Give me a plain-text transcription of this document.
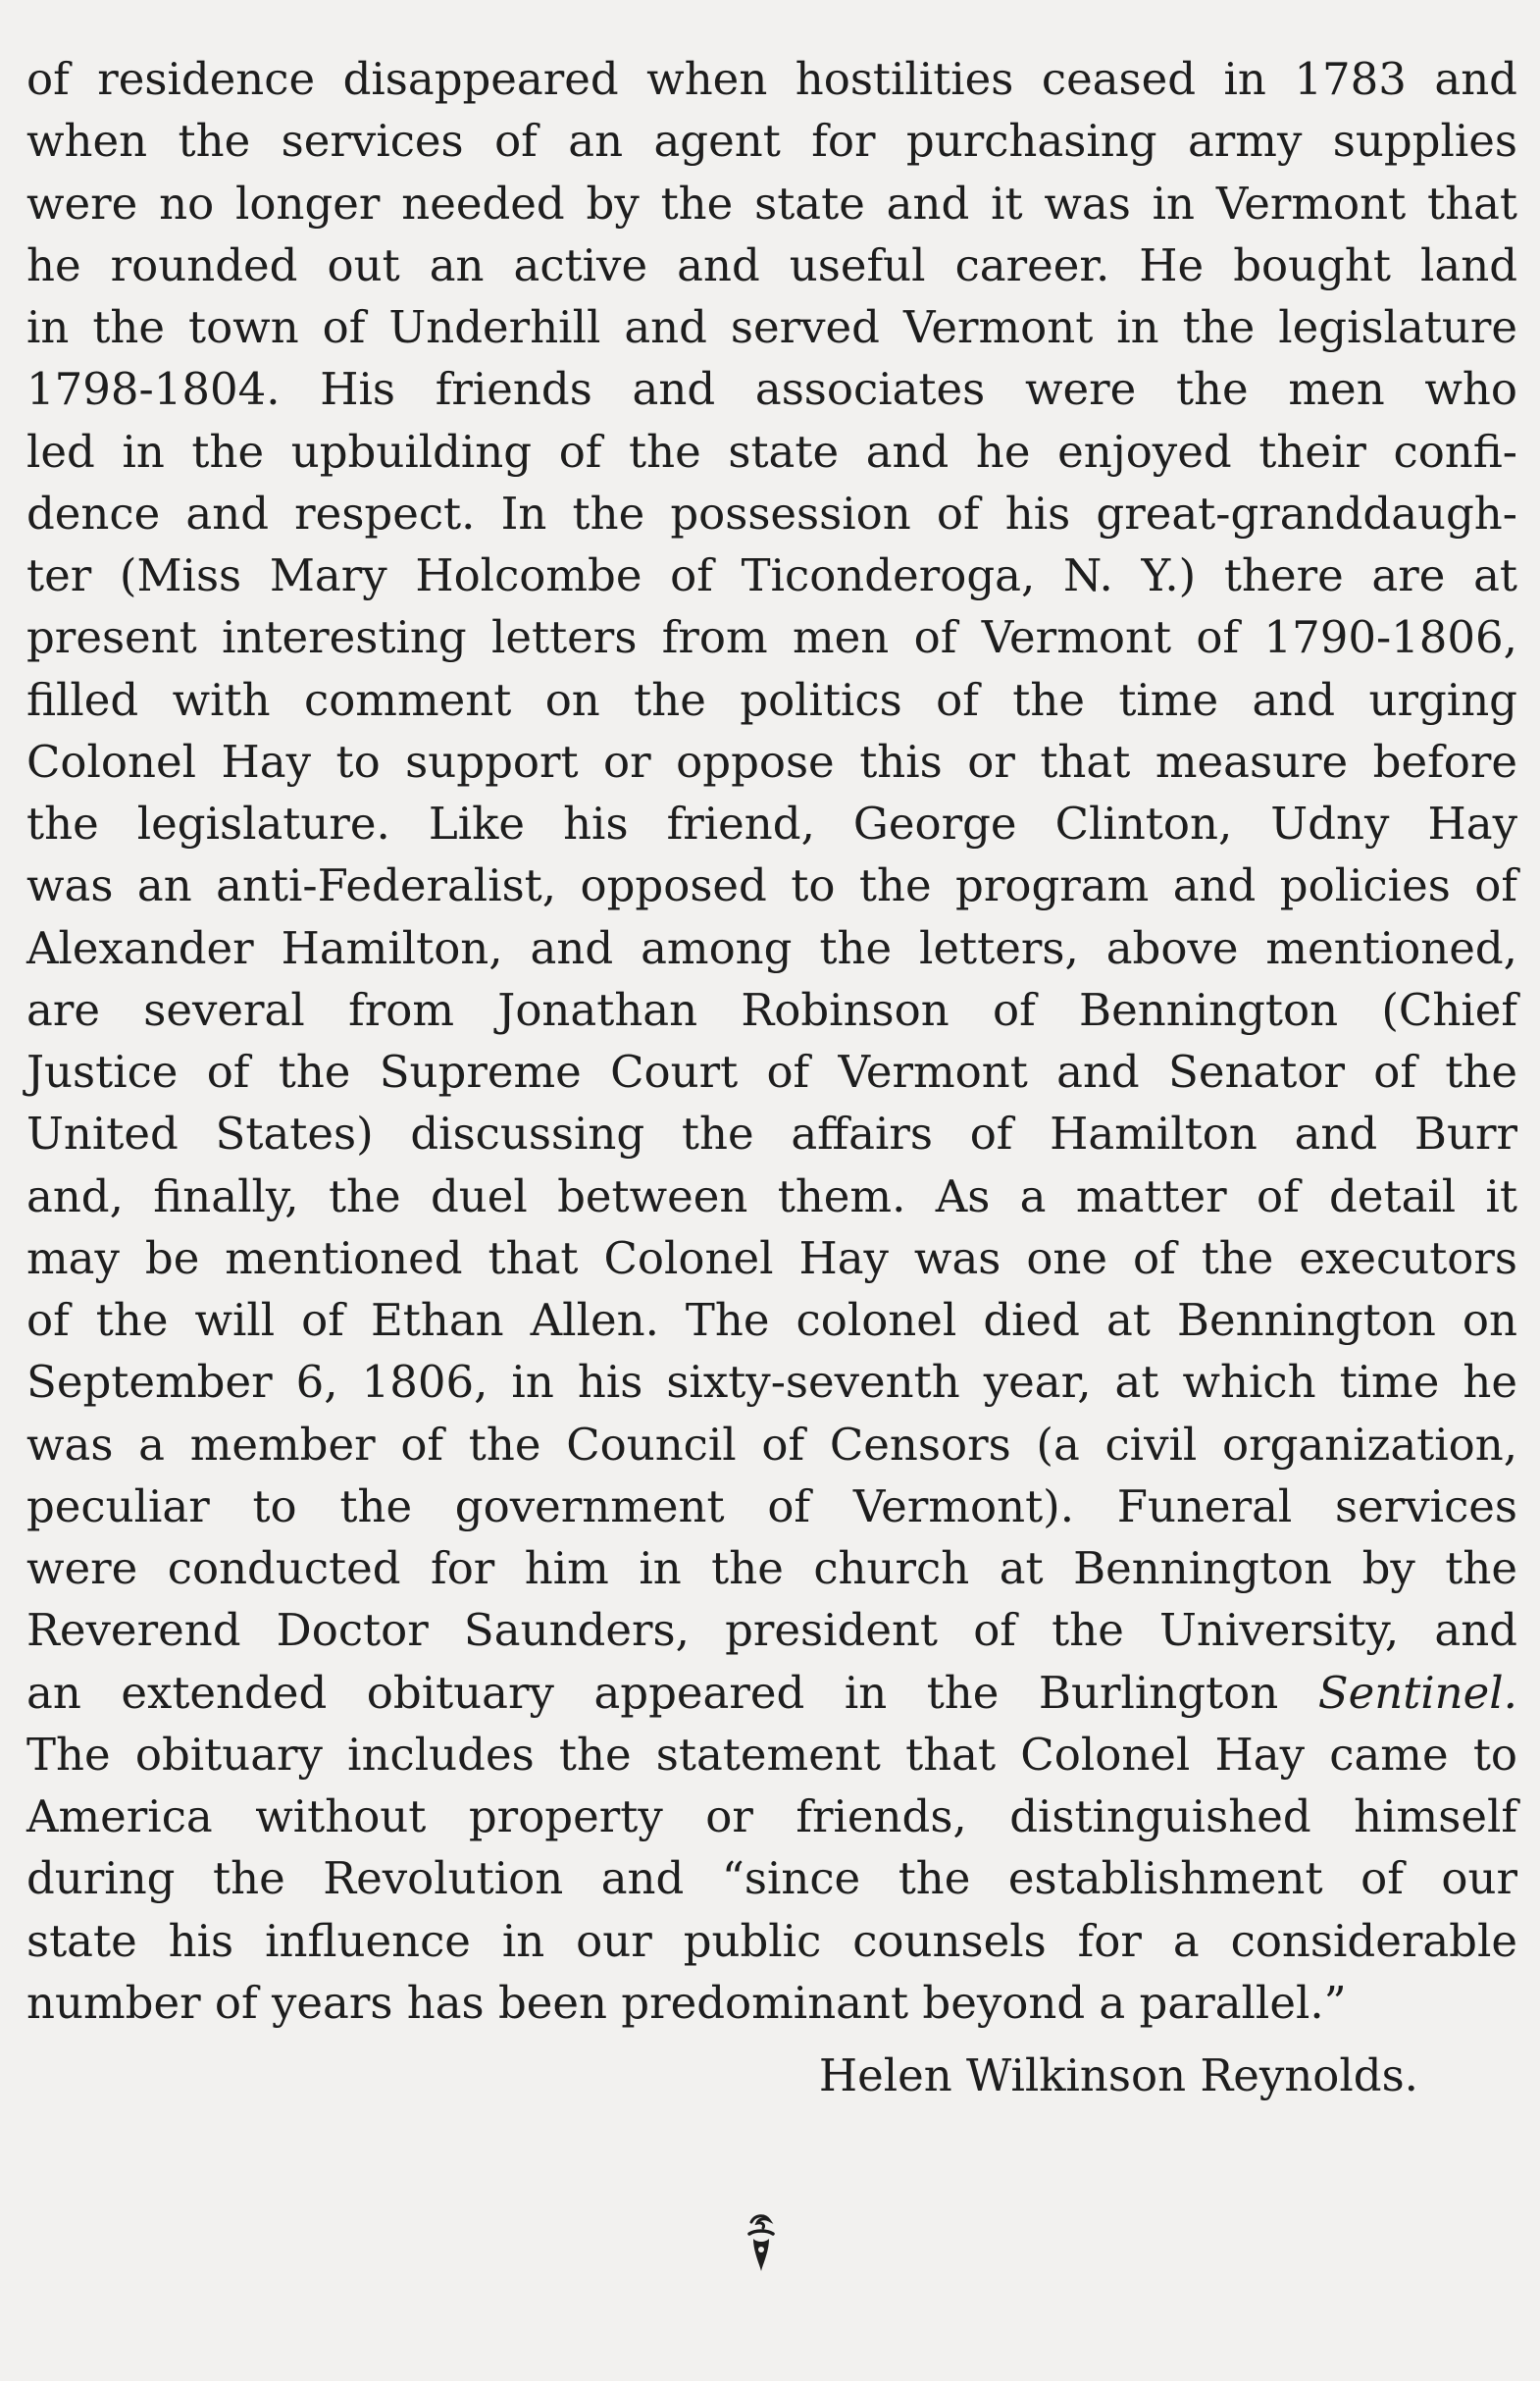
of residence disappeared when hostilities ceased in 1783 and
when the services of an agent for purchasing army supplies
were no longer needed by the state and it was in Vermont that
he rounded out an active and useful career. He bought land
in the town of Underhill and served Vermont in the legislature
1798-1804. His friends and associates were the men who
led in the upbuilding of the state and he enjoyed their confi-
dence and respect. In the possession of his great-granddaugh-
ter (Miss Mary Holcombe of Ticonderoga, N. Y.) there are at
present interesting letters from men of Vermont of 1790-1806,
filled with comment on the politics of the time and urging
Colonel Hay to support or oppose this or that measure before
the legislature. Like his friend, George Clinton, Udny Hay
was an anti-Federalist, opposed to the program and policies of
Alexander Hamilton, and among the letters, above mentioned,
are several from Jonathan Robinson of Bennington (Chief
Justice of the Supreme Court of Vermont and Senator of the
United States) discussing the affairs of Hamilton and Burr
and, finally, the duel between them. As a matter of detail it
may be mentioned that Colonel Hay was one of the executors
of the will of Ethan Allen. The colonel died at Bennington on
September 6, 1806, in his sixty-seventh year, at which time he
was a member of the Council of Censors (a civil organization,
peculiar to the government of Vermont). Funeral services
were conducted for him in the church at Bennington by the
Reverend Doctor Saunders, president of the University, and
an extended obituary appeared in the Burlington Sentinel.
The obituary includes the statement that Colonel Hay came to
America without property or friends, distinguished himself
during the Revolution and “since the establishment of our
state his influence in our public counsels for a considerable
number of years has been predominant beyond a parallel.”
Helen Wilkinson Reynolds.
